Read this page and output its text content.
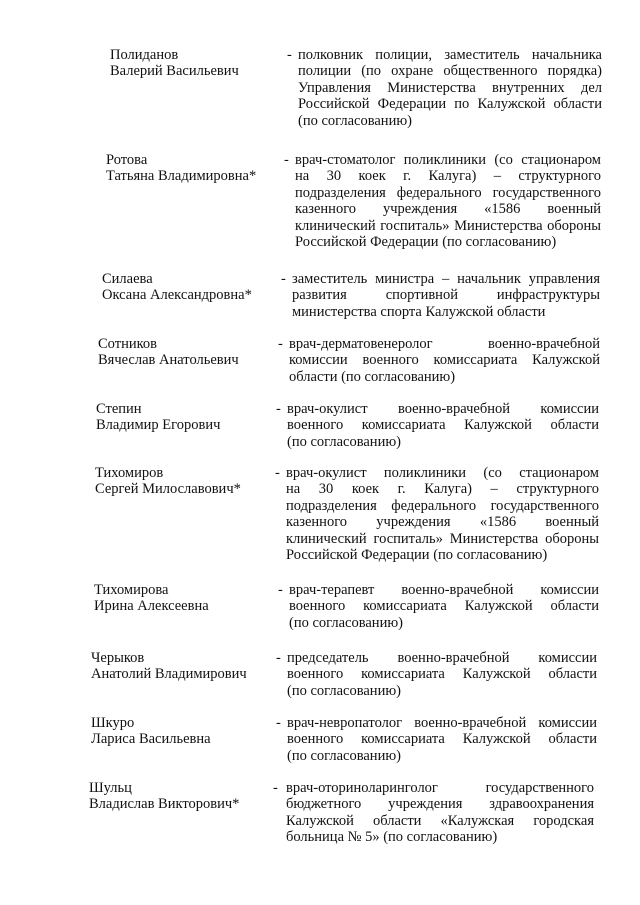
Полиданов
Валерий Васильевич
- полковник полиции, заместитель начальника
полиции (по охране общественного порядка)
Управления Министерства внутренних дел
Российской Федерации по Калужской области
(по согласованию)
Ротова
Татьяна Владимировна*
- врач-стоматолог поликлиники (со стационаром
на 30 коек г. Калуга) – структурного
подразделения федерального государственного
казенного учреждения «1586 военный
клинический госпиталь» Министерства обороны
Российской Федерации (по согласованию)
Силаева
Оксана Александровна*
- заместитель министра – начальник управления
развития спортивной инфраструктуры
министерства спорта Калужской области
Сотников
Вячеслав Анатольевич
- врач-дерматовенеролог военно-врачебной
комиссии военного комиссариата Калужской
области (по согласованию)
Степин
Владимир Егорович
- врач-окулист военно-врачебной комиссии
военного комиссариата Калужской области
(по согласованию)
Тихомиров
Сергей Милославович*
- врач-окулист поликлиники (со стационаром
на 30 коек г. Калуга) – структурного
подразделения федерального государственного
казенного учреждения «1586 военный
клинический госпиталь» Министерства обороны
Российской Федерации (по согласованию)
Тихомирова
Ирина Алексеевна
- врач-терапевт военно-врачебной комиссии
военного комиссариата Калужской области
(по согласованию)
Черыков
Анатолий Владимирович
- председатель военно-врачебной комиссии
военного комиссариата Калужской области
(по согласованию)
Шкуро
Лариса Васильевна
- врач-невропатолог военно-врачебной комиссии
военного комиссариата Калужской области
(по согласованию)
Шульц
Владислав Викторович*
- врач-оториноларинголог государственного
бюджетного учреждения здравоохранения
Калужской области «Калужская городская
больница № 5» (по согласованию)
